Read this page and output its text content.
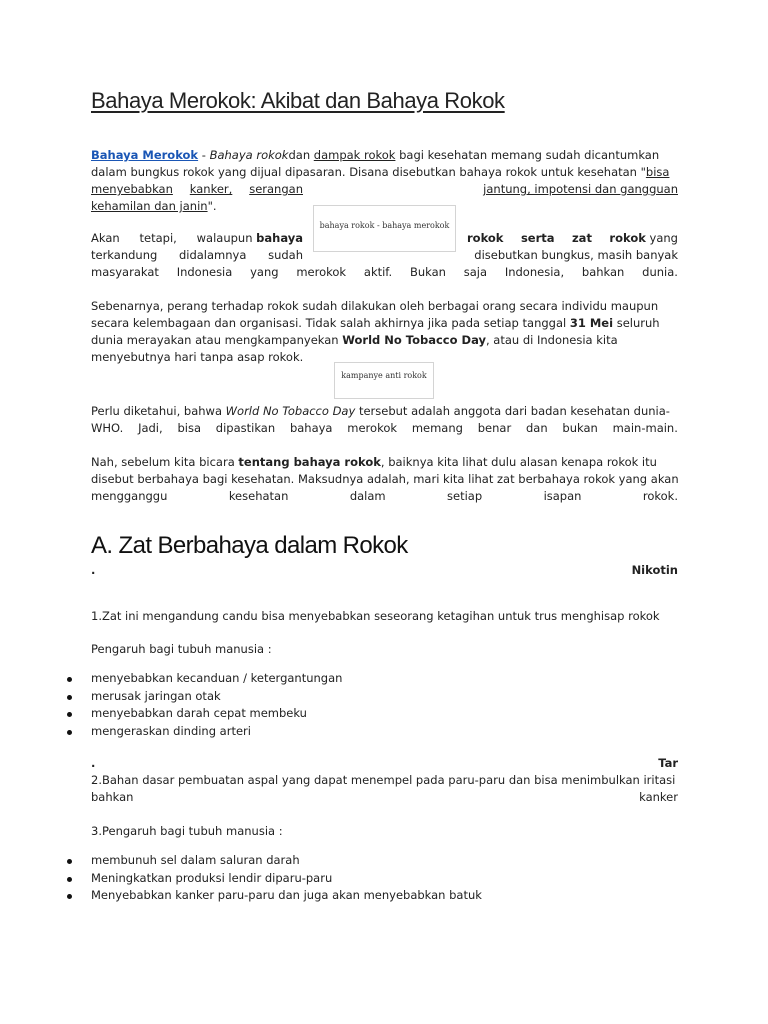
Bahaya Merokok: Akibat dan Bahaya Rokok
Bahaya Merokok - Bahaya rokokdan dampak rokok bagi kesehatan memang sudah dicantumkan
dalam bungkus rokok yang dijual dipasaran. Disana disebutkan bahaya rokok untuk kesehatan "bisa
menyebabkan kanker, serangan	jantung, impotensi dan gangguan
kehamilan dan janin".
bahaya rokok - bahaya merokok
Akan tetapi, walaupun bahaya	rokok serta zat rokok yang
terkandung didalamnya sudah	disebutkan bungkus, masih banyak
masyarakat Indonesia yang merokok aktif. Bukan saja Indonesia, bahkan dunia.
Sebenarnya, perang terhadap rokok sudah dilakukan oleh berbagai orang secara individu maupun
secara kelembagaan dan organisasi. Tidak salah akhirnya jika pada setiap tanggal 31 Mei seluruh
dunia merayakan atau mengkampanyekan World No Tobacco Day, atau di Indonesia kita
menyebutnya hari tanpa asap rokok.
kampanye anti rokok
Perlu diketahui, bahwa World No Tobacco Day tersebut adalah anggota dari badan kesehatan dunia-
WHO. Jadi, bisa dipastikan bahaya merokok memang benar dan bukan main-main.
Nah, sebelum kita bicara tentang bahaya rokok, baiknya kita lihat dulu alasan kenapa rokok itu
disebut berbahaya bagi kesehatan. Maksudnya adalah, mari kita lihat zat berbahaya rokok yang akan
mengganggu	kesehatan	dalam	setiap	isapan	rokok.
A. Zat Berbahaya dalam Rokok
.	Nikotin
1.Zat ini mengandung candu bisa menyebabkan seseorang ketagihan untuk trus menghisap rokok
Pengaruh bagi tubuh manusia :
menyebabkan kecanduan / ketergantungan
merusak jaringan otak
menyebabkan darah cepat membeku
mengeraskan dinding arteri
.	Tar
2.Bahan dasar pembuatan aspal yang dapat menempel pada paru-paru dan bisa menimbulkan iritasi
bahkan	kanker
3.Pengaruh bagi tubuh manusia :
membunuh sel dalam saluran darah
Meningkatkan produksi lendir diparu-paru
Menyebabkan kanker paru-paru dan juga akan menyebabkan batuk
